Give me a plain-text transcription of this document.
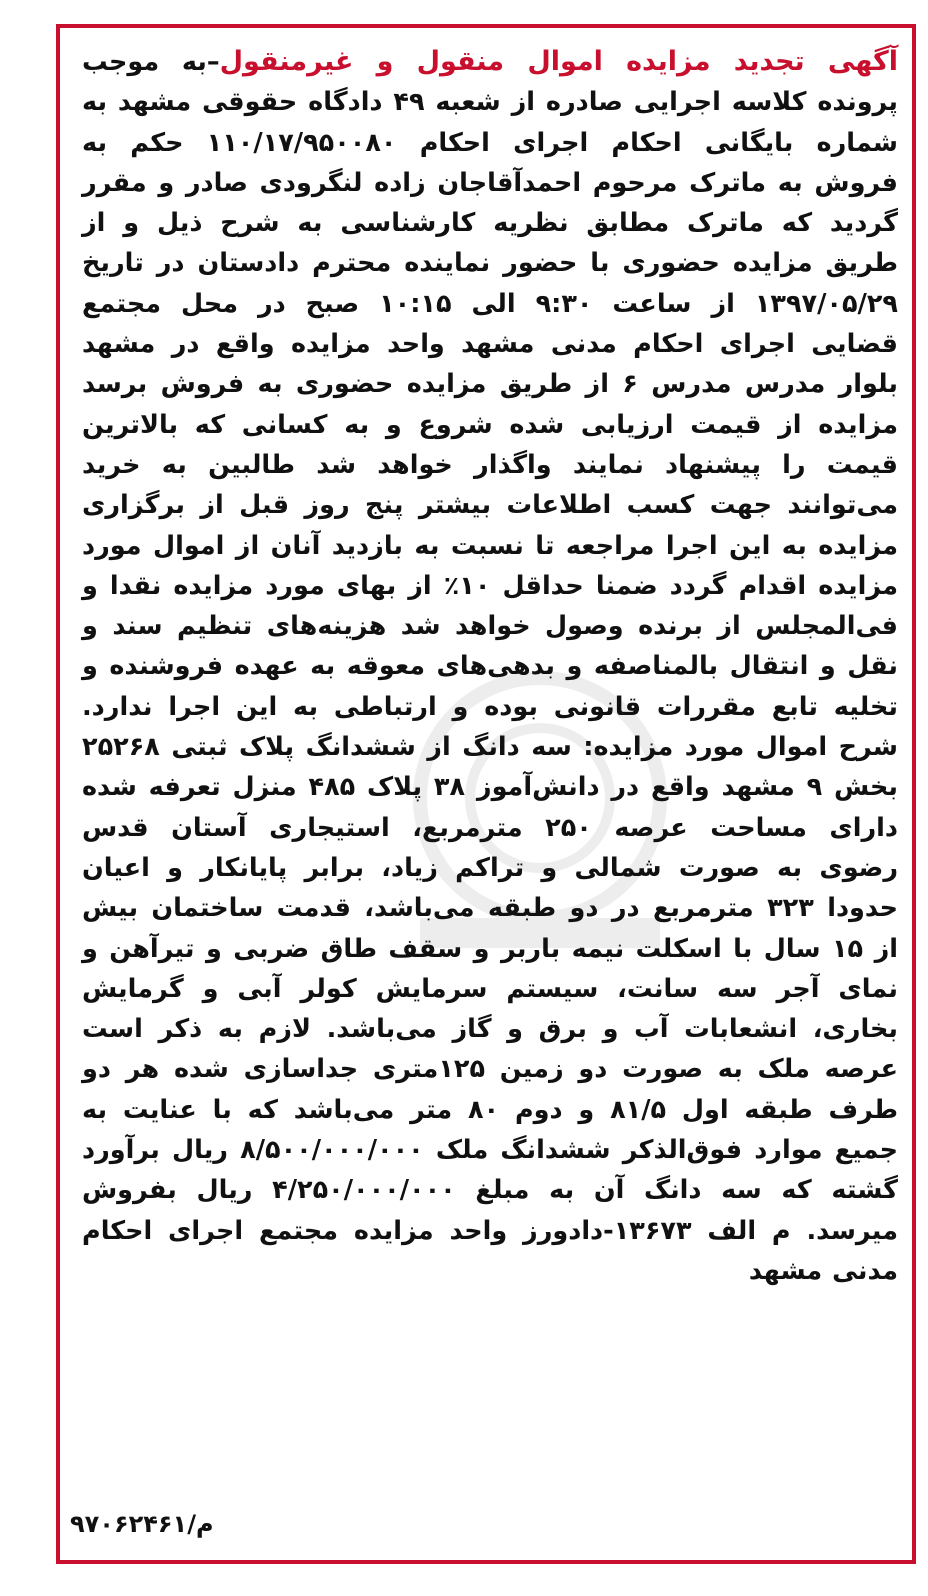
آگهی تجدید مزایده اموال منقول و غیرمنقول–به موجب پرونده کلاسه اجرایی صادره از شعبه ۴۹ دادگاه حقوقی مشهد به شماره بایگانی احکام اجرای احکام ۱۱۰/۱۷/۹۵۰۰۸۰ حکم به فروش به ماترک مرحوم احمدآقاجان زاده لنگرودی صادر و مقرر گردید که ماترک مطابق نظریه کارشناسی به شرح ذیل و از طریق مزایده حضوری با حضور نماینده محترم دادستان در تاریخ ۱۳۹۷/۰۵/۲۹ از ساعت ۹:۳۰ الی ۱۰:۱۵ صبح در محل مجتمع قضایی اجرای احکام مدنی مشهد واحد مزایده واقع در مشهد بلوار مدرس مدرس ۶ از طریق مزایده حضوری به فروش برسد مزایده از قیمت ارزیابی شده شروع و به کسانی که بالاترین قیمت را پیشنهاد نمایند واگذار خواهد شد طالبین به خرید می‌توانند جهت کسب اطلاعات بیشتر پنج روز قبل از برگزاری مزایده به این اجرا مراجعه تا نسبت به بازدید آنان از اموال مورد مزایده اقدام گردد ضمنا حداقل ۱۰٪ از بهای مورد مزایده نقدا و فی‌المجلس از برنده وصول خواهد شد هزینه‌های تنظیم سند و نقل و انتقال بالمناصفه و بدهی‌های معوقه به عهده فروشنده و تخلیه تابع مقررات قانونی بوده و ارتباطی به این اجرا ندارد. شرح اموال مورد مزایده: سه دانگ از ششدانگ پلاک ثبتی ۲۵۲۶۸ بخش ۹ مشهد واقع در دانش‌آموز ۳۸ پلاک ۴۸۵ منزل تعرفه شده دارای مساحت عرصه ۲۵۰ مترمربع، استیجاری آستان قدس رضوی به صورت شمالی و تراکم زیاد، برابر پایانکار و اعیان حدودا ۳۲۳ مترمربع در دو طبقه می‌باشد، قدمت ساختمان بیش از ۱۵ سال با اسکلت نیمه باربر و سقف طاق ضربی و تیرآهن و نمای آجر سه سانت، سیستم سرمایش کولر آبی و گرمایش بخاری، انشعابات آب و برق و گاز می‌باشد. لازم به ذکر است عرصه ملک به صورت دو زمین ۱۲۵متری جداسازی شده هر دو طرف طبقه اول ۸۱/۵ و دوم ۸۰ متر می‌باشد که با عنایت به جمیع موارد فوق‌الذکر ششدانگ ملک ۸/۵۰۰/۰۰۰/۰۰۰ ریال برآورد گشته که سه دانگ آن به مبلغ ۴/۲۵۰/۰۰۰/۰۰۰ ریال بفروش میرسد. م الف ۱۳۶۷۳-دادورز واحد مزایده مجتمع اجرای احکام مدنی مشهد
۹۷۰۶۲۴۶۱/م
